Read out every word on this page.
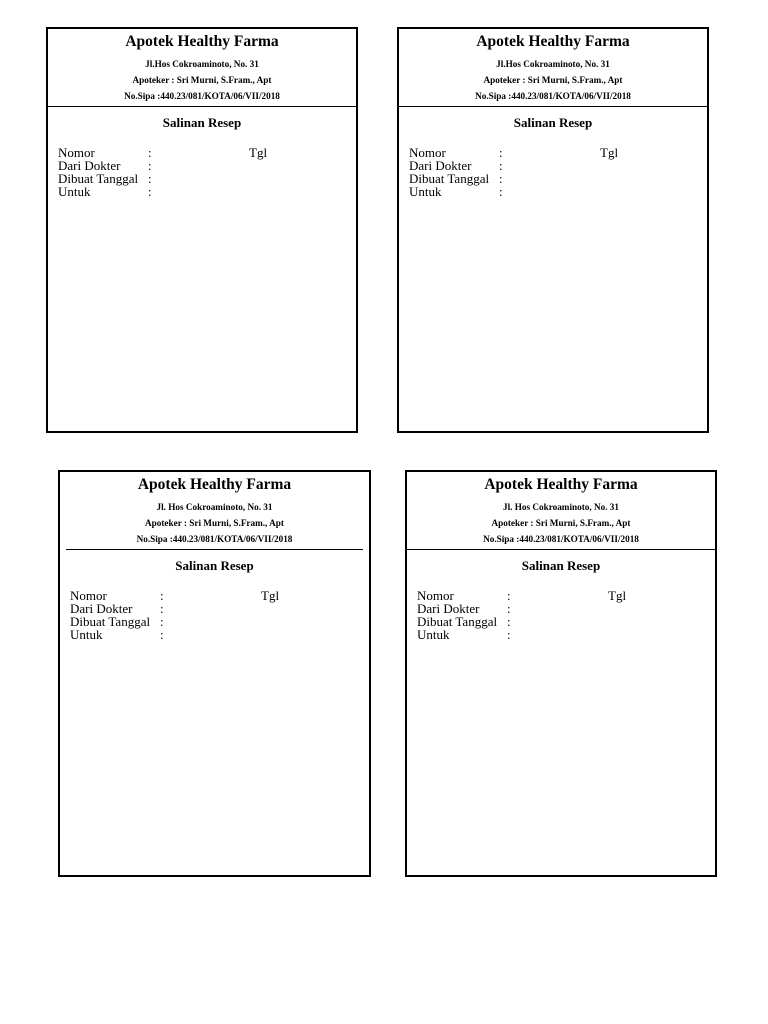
Apotek Healthy Farma
Jl.Hos Cokroaminoto, No. 31
Apoteker : Sri Murni, S.Fram., Apt
No.Sipa :440.23/081/KOTA/06/VII/2018
Salinan Resep
Nomor	:	Tgl
Dari Dokter :
Dibuat Tanggal :
Untuk	:
Apotek Healthy Farma
Jl.Hos Cokroaminoto, No. 31
Apoteker : Sri Murni, S.Fram., Apt
No.Sipa :440.23/081/KOTA/06/VII/2018
Salinan Resep
Nomor	:	Tgl
Dari Dokter :
Dibuat Tanggal :
Untuk	:
Apotek Healthy Farma
Jl. Hos Cokroaminoto, No. 31
Apoteker : Sri Murni, S.Fram., Apt
No.Sipa :440.23/081/KOTA/06/VII/2018
Salinan Resep
Nomor	:	Tgl
Dari Dokter :
Dibuat Tanggal :
Untuk	:
Apotek Healthy Farma
Jl. Hos Cokroaminoto, No. 31
Apoteker : Sri Murni, S.Fram., Apt
No.Sipa :440.23/081/KOTA/06/VII/2018
Salinan Resep
Nomor	:	Tgl
Dari Dokter :
Dibuat Tanggal :
Untuk	:
